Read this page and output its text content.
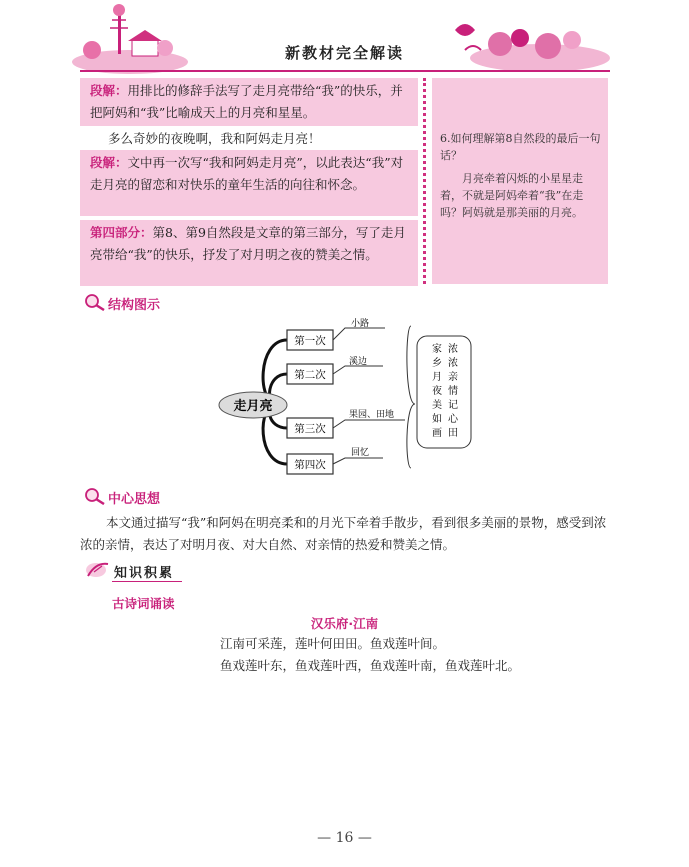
新教材完全解读
段解：用排比的修辞手法写了走月亮带给“我”的快乐，并把阿妈和“我”比喻成天上的月亮和星星。
多么奇妙的夜晚啊，我和阿妈走月亮！
段解：文中再一次写“我和阿妈走月亮”，以此表达“我”对走月亮的留恋和对快乐的童年生活的向往和怀念。
第四部分：第8、第9自然段是文章的第三部分，写了走月亮带给“我”的快乐，抒发了对月明之夜的赞美之情。
6.如何理解第8自然段的最后一句话？
月亮牵着闪烁的小星星走着，不就是阿妈牵着“我”在走吗？阿妈就是那美丽的月亮。
结构图示
走月亮
第一次
第二次
第三次
第四次
小路
溪边
果园、田地
回忆
家
乡
月
夜
美
如
画
浓
浓
亲
情
记
心
田
中心思想
本文通过描写“我”和阿妈在明亮柔和的月光下牵着手散步，看到很多美丽的景物，感受到浓浓的亲情，表达了对明月夜、对大自然、对亲情的热爱和赞美之情。
知识积累
古诗词诵读
汉乐府·江南
江南可采莲，莲叶何田田。鱼戏莲叶间。
鱼戏莲叶东，鱼戏莲叶西，鱼戏莲叶南，鱼戏莲叶北。
— 16 —
